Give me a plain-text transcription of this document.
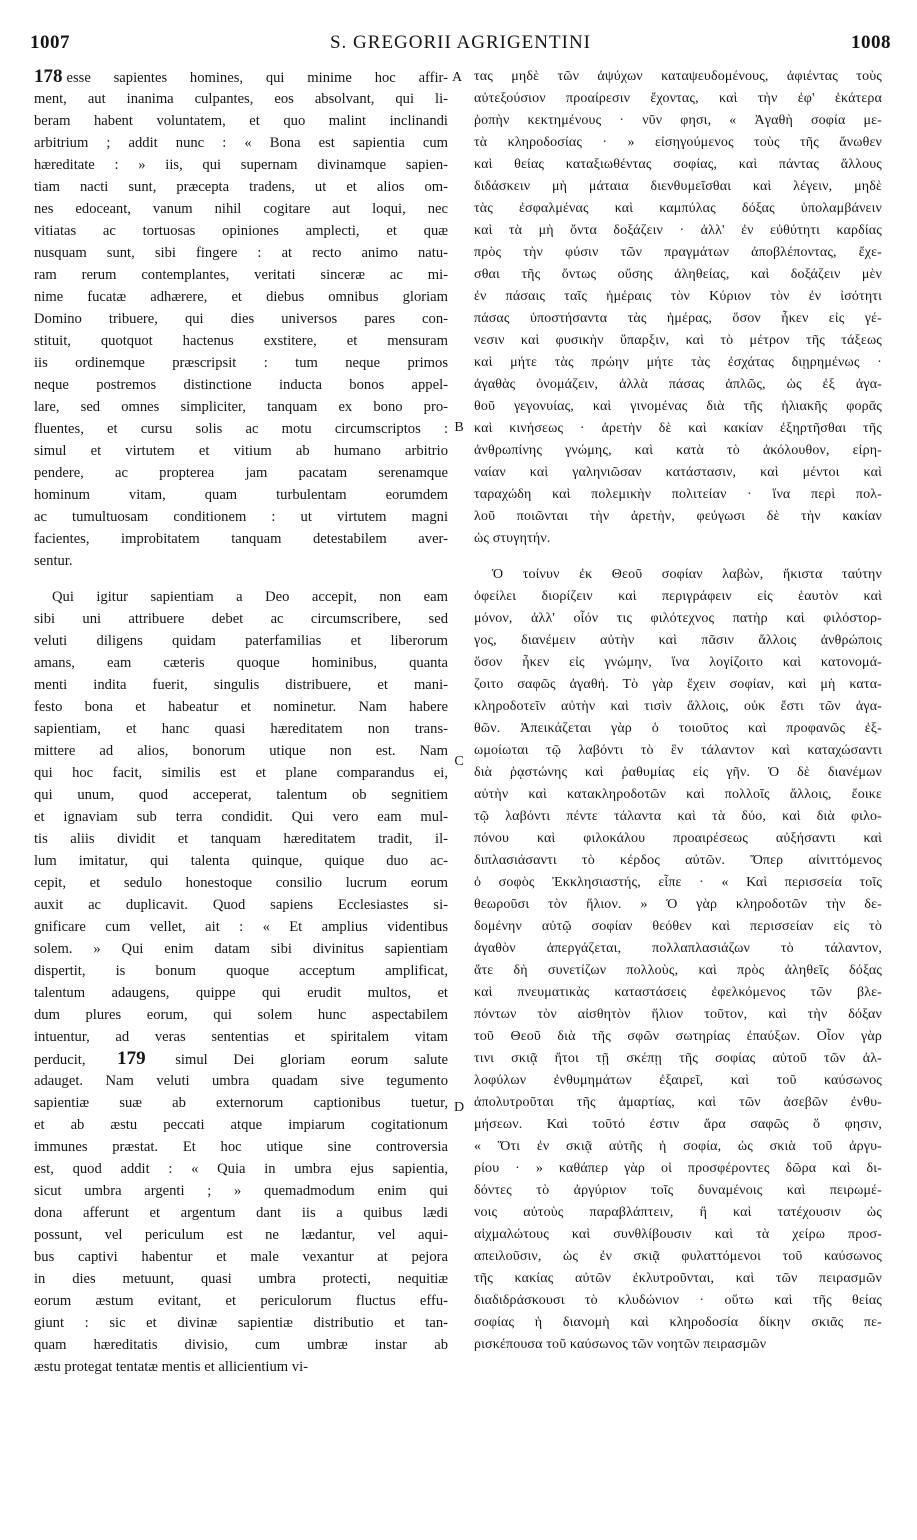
1007	S. GREGORII AGRIGENTINI	1008
A
B
C
D
178 esse sapientes homines, qui minime hoc affir-
ment, aut inanima culpantes, eos absolvant, qui li-
beram habent voluntatem, et quo malint inclinandi
arbitrium ; addit nunc : « Bona est sapientia cum
hæreditate : » iis, qui supernam divinamque sapien-
tiam nacti sunt, præcepta tradens, ut et alios om-
nes edoceant, vanum nihil cogitare aut loqui, nec
vitiatas ac tortuosas opiniones amplecti, et quæ
nusquam sunt, sibi fingere : at recto animo natu-
ram rerum contemplantes, veritati sinceræ ac mi-
nime fucatæ adhærere, et diebus omnibus gloriam
Domino tribuere, qui dies universos pares con-
stituit, quotquot hactenus exstitere, et mensuram
iis ordinemque præscripsit : tum neque primos
neque postremos distinctione inducta bonos appel-
lare, sed omnes simpliciter, tanquam ex bono pro-
fluentes, et cursu solis ac motu circumscriptos :
simul et virtutem et vitium ab humano arbitrio
pendere, ac propterea jam pacatam serenamque
hominum vitam, quam turbulentam eorumdem
ac tumultuosam conditionem : ut virtutem magni
facientes, improbitatem tanquam detestabilem aver-
sentur.
Qui igitur sapientiam a Deo accepit, non eam
sibi uni attribuere debet ac circumscribere, sed
veluti diligens quidam paterfamilias et liberorum
amans, eam cæteris quoque hominibus, quanta
menti indita fuerit, singulis distribuere, et mani-
festo bona et habeatur et nominetur. Nam habere
sapientiam, et hanc quasi hæreditatem non trans-
mittere ad alios, bonorum utique non est. Nam
qui hoc facit, similis est et plane comparandus ei,
qui unum, quod acceperat, talentum ob segnitiem
et ignaviam sub terra condidit. Qui vero eam mul-
tis aliis dividit et tanquam hæreditatem tradit, il-
lum imitatur, qui talenta quinque, quique duo ac-
cepit, et sedulo honestoque consilio lucrum eorum
auxit ac duplicavit. Quod sapiens Ecclesiastes si-
gnificare cum vellet, ait : « Et amplius videntibus
solem. » Qui enim datam sibi divinitus sapientiam
dispertit, is bonum quoque acceptum amplificat,
talentum adaugens, quippe qui erudit multos, et
dum plures eorum, qui solem hunc aspectabilem
intuentur, ad veras sententias et spiritalem vitam
perducit, 179 simul Dei gloriam eorum salute
adauget. Nam veluti umbra quadam sive tegumento
sapientiæ suæ ab externorum captionibus tuetur,
et ab æstu peccati atque impiarum cogitationum
immunes præstat. Et hoc utique sine controversia
est, quod addit : « Quia in umbra ejus sapientia,
sicut umbra argenti ; » quemadmodum enim qui
dona afferunt et argentum dant iis a quibus lædi
possunt, vel periculum est ne lædantur, vel aqui-
bus captivi habentur et male vexantur at pejora
in dies metuunt, quasi umbra protecti, nequitiæ
eorum æstum evitant, et periculorum fluctus effu-
giunt : sic et divinæ sapientiæ distributio et tan-
quam hæreditatis divisio, cum umbræ instar ab
æstu protegat tentatæ mentis et allicientium vi-
τας μηδὲ τῶν ἀψύχων καταψευδομένους, ἀφιέντας τοὺς
αὐτεξούσιον προαίρεσιν ἔχοντας, καὶ τὴν ἐφ' ἑκάτερα
ῥοπὴν κεκτημένους · νῦν φησι, « Ἀγαθὴ σοφία με-
τὰ κληροδοσίας · » εἰσηγούμενος τοὺς τῆς ἄνωθεν
καὶ θείας καταξιωθέντας σοφίας, καὶ πάντας ἄλλους
διδάσκειν μὴ μάταια διενθυμεῖσθαι καὶ λέγειν, μηδὲ
τὰς ἐσφαλμένας καὶ καμπύλας δόξας ὑπολαμβάνειν
καὶ τὰ μὴ ὄντα δοξάζειν · ἀλλ' ἐν εὐθύτητι καρδίας
πρὸς τὴν φύσιν τῶν πραγμάτων ἀποβλέποντας, ἔχε-
σθαι τῆς ὄντως οὔσης ἀληθείας, καὶ δοξάζειν μὲν
ἐν πάσαις ταῖς ἡμέραις τὸν Κύριον τὸν ἐν ἰσότητι
πάσας ὑποστήσαντα τὰς ἡμέρας, ὅσον ἦκεν εἰς γέ-
νεσιν καὶ φυσικὴν ὕπαρξιν, καὶ τὸ μέτρον τῆς τάξεως
καὶ μήτε τὰς πρώην μήτε τὰς ἐσχάτας διῃρημένως ·
ἀγαθὰς ὀνομάζειν, ἀλλὰ πάσας ἁπλῶς, ὡς ἐξ ἀγα-
θοῦ γεγονυίας, καὶ γινομένας διὰ τῆς ἡλιακῆς φορᾶς
καὶ κινήσεως · ἀρετὴν δὲ καὶ κακίαν ἐξηρτῆσθαι τῆς
ἀνθρωπίνης γνώμης, καὶ κατὰ τὸ ἀκόλουθον, εἰρη-
ναίαν καὶ γαληνιῶσαν κατάστασιν, καὶ μέντοι καὶ
ταραχώδη καὶ πολεμικὴν πολιτείαν · ἵνα περὶ πολ-
λοῦ ποιῶνται τὴν ἀρετὴν, φεύγωσι δὲ τὴν κακίαν
ὡς στυγητήν.
Ὁ τοίνυν ἐκ Θεοῦ σοφίαν λαβὼν, ἥκιστα ταύτην
ὀφείλει διορίζειν καὶ περιγράφειν εἰς ἑαυτὸν καὶ
μόνον, ἀλλ' οἷόν τις φιλότεχνος πατὴρ καὶ φιλόστορ-
γος, διανέμειν αὐτὴν καὶ πᾶσιν ἄλλοις ἀνθρώποις
ὅσον ἦκεν εἰς γνώμην, ἵνα λογίζοιτο καὶ κατονομά-
ζοιτο σαφῶς ἀγαθή. Τὸ γὰρ ἔχειν σοφίαν, καὶ μὴ κατα-
κληροδοτεῖν αὐτὴν καὶ τισὶν ἄλλοις, οὐκ ἔστι τῶν ἀγα-
θῶν. Ἀπεικάζεται γὰρ ὁ τοιοῦτος καὶ προφανῶς ἐξ-
ωμοίωται τῷ λαβόντι τὸ ἓν τάλαντον καὶ καταχώσαντι
διὰ ῥᾳστώνης καὶ ῥαθυμίας εἰς γῆν. Ὁ δὲ διανέμων
αὐτὴν καὶ κατακληροδοτῶν καὶ πολλοῖς ἄλλοις, ἔοικε
τῷ λαβόντι πέντε τάλαντα καὶ τὰ δύο, καὶ διὰ φιλο-
πόνου καὶ φιλοκάλου προαιρέσεως αὐξήσαντι καὶ
διπλασιάσαντι τὸ κέρδος αὐτῶν. Ὅπερ αἰνιττόμενος
ὁ σοφὸς Ἐκκλησιαστής, εἶπε · « Καὶ περισσεία τοῖς
θεωροῦσι τὸν ἥλιον. » Ὁ γὰρ κληροδοτῶν τὴν δε-
δομένην αὐτῷ σοφίαν θεόθεν καὶ περισσείαν εἰς τὸ
ἀγαθὸν ἀπεργάζεται, πολλαπλασιάζων τὸ τάλαντον,
ἅτε δὴ συνετίζων πολλοὺς, καὶ πρὸς ἀληθεῖς δόξας
καὶ πνευματικὰς καταστάσεις ἐφελκόμενος τῶν βλε-
πόντων τὸν αἰσθητὸν ἥλιον τοῦτον, καὶ τὴν δόξαν
τοῦ Θεοῦ διὰ τῆς σφῶν σωτηρίας ἐπαύξων. Οἷον γὰρ
τινι σκιᾷ ἤτοι τῇ σκέπῃ τῆς σοφίας αὐτοῦ τῶν ἀλ-
λοφύλων ἐνθυμημάτων ἐξαιρεῖ, καὶ τοῦ καύσωνος
ἀπολυτροῦται τῆς ἁμαρτίας, καὶ τῶν ἀσεβῶν ἐνθυ-
μήσεων. Καὶ τοῦτό ἐστιν ἄρα σαφῶς ὅ φησιν,
« Ὅτι ἐν σκιᾷ αὐτῆς ἡ σοφία, ὡς σκιὰ τοῦ ἀργυ-
ρίου · » καθάπερ γὰρ οἱ προσφέροντες δῶρα καὶ δι-
δόντες τὸ ἀργύριον τοῖς δυναμένοις καὶ πειρωμέ-
νοις αὐτοὺς παραβλάπτειν, ἢ καὶ τατέχουσιν ὡς
αἰχμαλώτους καὶ συνθλίβουσιν καὶ τὰ χείρω προσ-
απειλοῦσιν, ὡς ἐν σκιᾷ φυλαττόμενοι τοῦ καύσωνος
τῆς κακίας αὐτῶν ἐκλυτροῦνται, καὶ τῶν πειρασμῶν
διαδιδράσκουσι τὸ κλυδώνιον · οὕτω καὶ τῆς θείας
σοφίας ἡ διανομὴ καὶ κληροδοσία δίκην σκιᾶς πε-
ρισκέπουσα τοῦ καύσωνος τῶν νοητῶν πειρασμῶν
